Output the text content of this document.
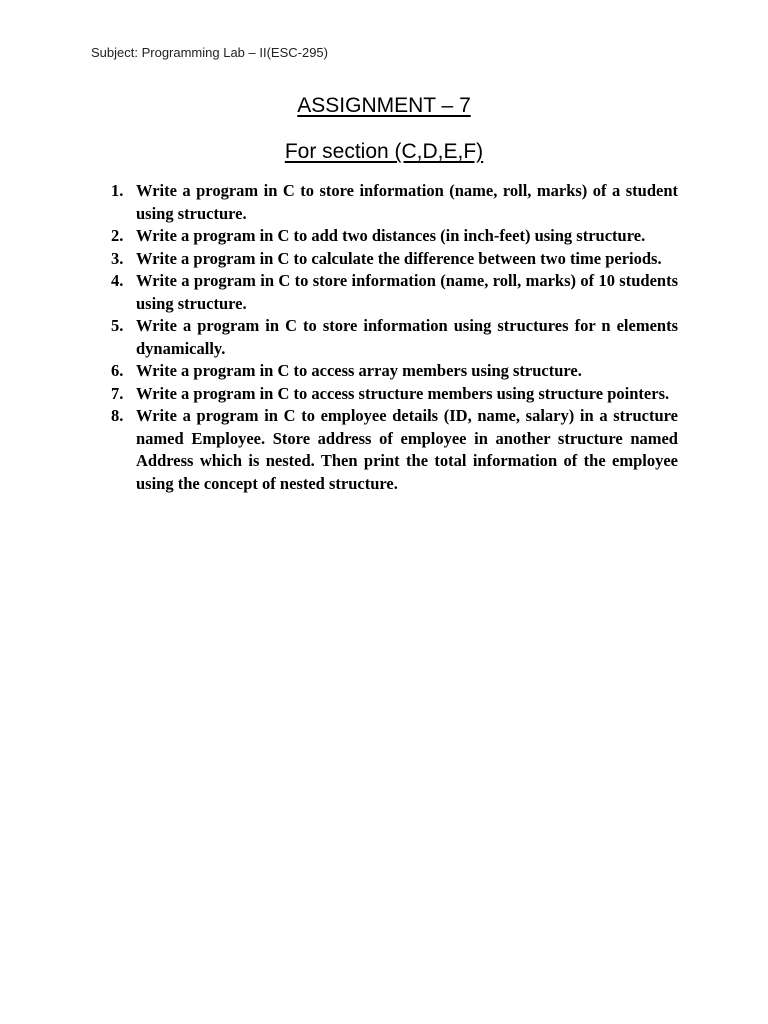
Subject: Programming Lab – II(ESC-295)
ASSIGNMENT – 7
For section (C,D,E,F)
1. Write a program in C to store information (name, roll, marks) of a student using structure.
2. Write a program in C to add two distances (in inch-feet) using structure.
3. Write a program in C to calculate the difference between two time periods.
4. Write a program in C to store information (name, roll, marks) of 10 students using structure.
5. Write a program in C to store information using structures for n elements dynamically.
6. Write a program in C to access array members using structure.
7. Write a program in C to access structure members using structure pointers.
8. Write a program in C to employee details (ID, name, salary) in a structure named Employee. Store address of employee in another structure named Address which is nested. Then print the total information of the employee using the concept of nested structure.
